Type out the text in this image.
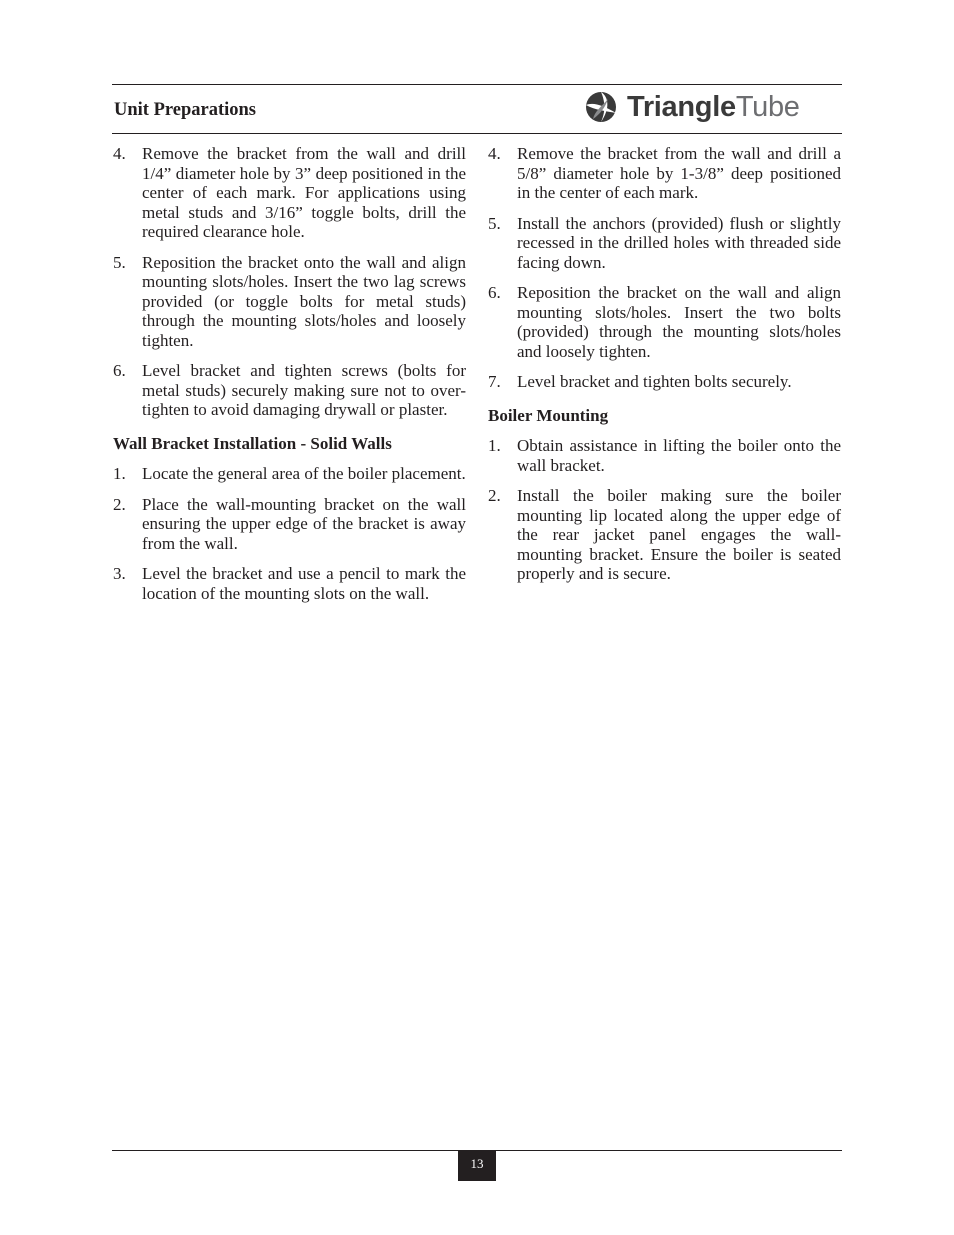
Unit Preparations	TriangleTube
4. Remove the bracket from the wall and drill 1/4” diameter hole by 3” deep positioned in the center of each mark. For applications using metal studs and 3/16” toggle bolts, drill the required clearance hole.
5. Reposition the bracket onto the wall and align mounting slots/holes. Insert the two lag screws provided (or toggle bolts for metal studs) through the mounting slots/holes and loosely tighten.
6. Level bracket and tighten screws (bolts for metal studs) securely making sure not to over-tighten to avoid damaging drywall or plaster.
Wall Bracket Installation - Solid Walls
1. Locate the general area of the boiler placement.
2. Place the wall-mounting bracket on the wall ensuring the upper edge of the bracket is away from the wall.
3. Level the bracket and use a pencil to mark the location of the mounting slots on the wall.
4. Remove the bracket from the wall and drill a 5/8” diameter hole by 1-3/8” deep positioned in the center of each mark.
5. Install the anchors (provided) flush or slightly recessed in the drilled holes with threaded side facing down.
6. Reposition the bracket on the wall and align mounting slots/holes. Insert the two bolts (provided) through the mounting slots/holes and loosely tighten.
7. Level bracket and tighten bolts securely.
Boiler Mounting
1. Obtain assistance in lifting the boiler onto the wall bracket.
2. Install the boiler making sure the boiler mounting lip located along the upper edge of the rear jacket panel engages the wall-mounting bracket. Ensure the boiler is seated properly and is secure.
13
